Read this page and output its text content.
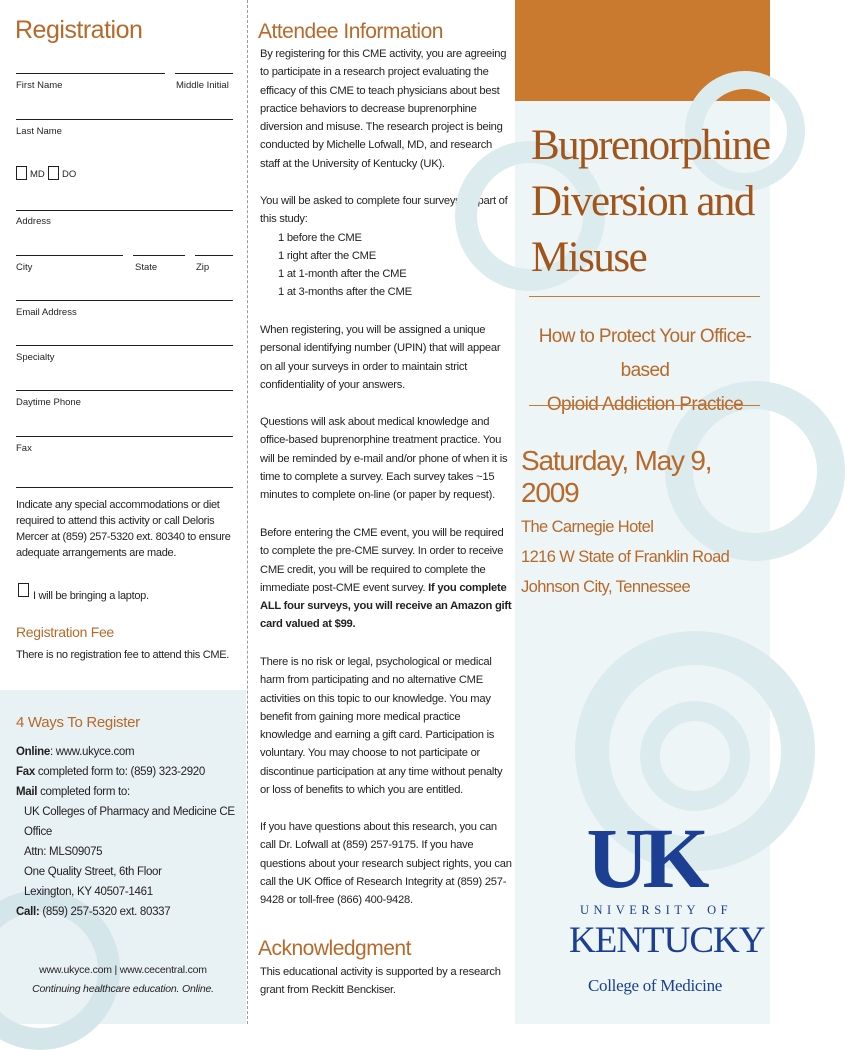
Registration
First Name	Middle Initial
Last Name
MD DO
Address
City	State	Zip
Email Address
Specialty
Daytime Phone
Fax
Indicate any special accommodations or diet required to attend this activity or call Deloris Mercer at (859) 257-5320 ext. 80340 to ensure adequate arrangements are made.
I will be bringing a laptop.
Registration Fee
There is no registration fee to attend this CME.
4 Ways To Register
Online: www.ukyce.com
Fax completed form to: (859) 323-2920
Mail completed form to:
UK Colleges of Pharmacy and Medicine CE Office
Attn: MLS09075
One Quality Street, 6th Floor
Lexington, KY 40507-1461
Call: (859) 257-5320 ext. 80337
www.ukyce.com | www.cecentral.com
Continuing healthcare education. Online.
Attendee Information
By registering for this CME activity, you are agreeing to participate in a research project evaluating the efficacy of this CME to teach physicians about best practice behaviors to decrease buprenorphine diversion and misuse. The research project is being conducted by Michelle Lofwall, MD, and research staff at the University of Kentucky (UK).
You will be asked to complete four surveys as part of this study:
1 before the CME
1 right after the CME
1 at 1-month after the CME
1 at 3-months after the CME
When registering, you will be assigned a unique personal identifying number (UPIN) that will appear on all your surveys in order to maintain strict confidentiality of your answers.
Questions will ask about medical knowledge and office-based buprenorphine treatment practice. You will be reminded by e-mail and/or phone of when it is time to complete a survey. Each survey takes ~15 minutes to complete on-line (or paper by request).
Before entering the CME event, you will be required to complete the pre-CME survey. In order to receive CME credit, you will be required to complete the immediate post-CME event survey. If you complete ALL four surveys, you will receive an Amazon gift card valued at $99.
There is no risk or legal, psychological or medical harm from participating and no alternative CME activities on this topic to our knowledge. You may benefit from gaining more medical practice knowledge and earning a gift card. Participation is voluntary. You may choose to not participate or discontinue participation at any time without penalty or loss of benefits to which you are entitled.
If you have questions about this research, you can call Dr. Lofwall at (859) 257-9175. If you have questions about your research subject rights, you can call the UK Office of Research Integrity at (859) 257-9428 or toll-free (866) 400-9428.
Acknowledgment
This educational activity is supported by a research grant from Reckitt Benckiser.
Buprenorphine
Diversion and
Misuse
How to Protect Your Office-based
Opioid Addiction Practice
Saturday, May 9, 2009
The Carnegie Hotel
1216 W State of Franklin Road
Johnson City, Tennessee
UK
UNIVERSITY OF
KENTUCKY
College of Medicine
